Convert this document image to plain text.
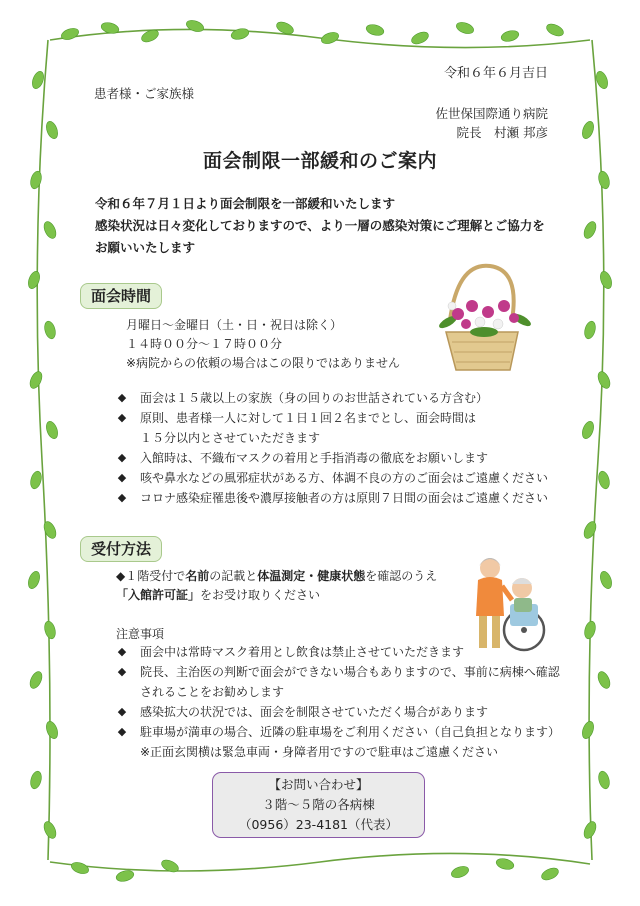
令和６年６月吉日
患者様・ご家族様
佐世保国際通り病院
院長　村瀬 邦彦
面会制限一部緩和のご案内
令和６年７月１日より面会制限を一部緩和いたします
感染状況は日々変化しておりますので、より一層の感染対策にご理解とご協力を
お願いいたします
面会時間
月曜日～金曜日（土・日・祝日は除く）
１４時００分～１７時００分
※病院からの依頼の場合はこの限りではありません
◆ 面会は１５歳以上の家族（身の回りのお世話されている方含む）
◆ 原則、患者様一人に対して１日１回２名までとし、面会時間は
１５分以内とさせていただきます
◆ 入館時は、不織布マスクの着用と手指消毒の徹底をお願いします
◆ 咳や鼻水などの風邪症状がある方、体調不良の方のご面会はご遠慮ください
◆ コロナ感染症罹患後や濃厚接触者の方は原則７日間の面会はご遠慮ください
受付方法
◆１階受付で名前の記載と体温測定・健康状態を確認のうえ
「入館許可証」をお受け取りください
注意事項
◆ 面会中は常時マスク着用とし飲食は禁止させていただきます
◆ 院長、主治医の判断で面会ができない場合もありますので、事前に病棟へ確認
されることをお勧めします
◆ 感染拡大の状況では、面会を制限させていただく場合があります
◆ 駐車場が満車の場合、近隣の駐車場をご利用ください（自己負担となります）
※正面玄関横は緊急車両・身障者用ですので駐車はご遠慮ください
【お問い合わせ】
３階～５階の各病棟
（0956）23-4181（代表）
